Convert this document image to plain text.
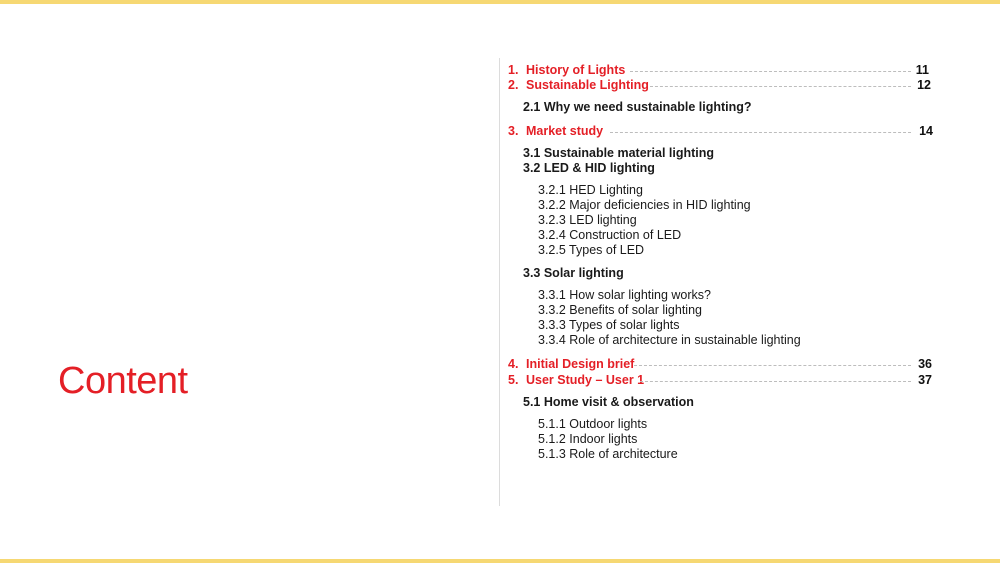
Content
1. History of Lights	11
2. Sustainable Lighting	12
2.1 Why we need sustainable lighting?
3. Market study	14
3.1 Sustainable material lighting
3.2 LED & HID lighting
3.2.1 HED Lighting
3.2.2 Major deficiencies in HID lighting
3.2.3 LED lighting
3.2.4 Construction of LED
3.2.5 Types of LED
3.3 Solar lighting
3.3.1 How solar lighting works?
3.3.2 Benefits of solar lighting
3.3.3 Types of solar lights
3.3.4 Role of architecture in sustainable lighting
4. Initial Design brief	36
5. User Study – User 1	37
5.1 Home visit & observation
5.1.1 Outdoor lights
5.1.2 Indoor lights
5.1.3 Role of architecture
